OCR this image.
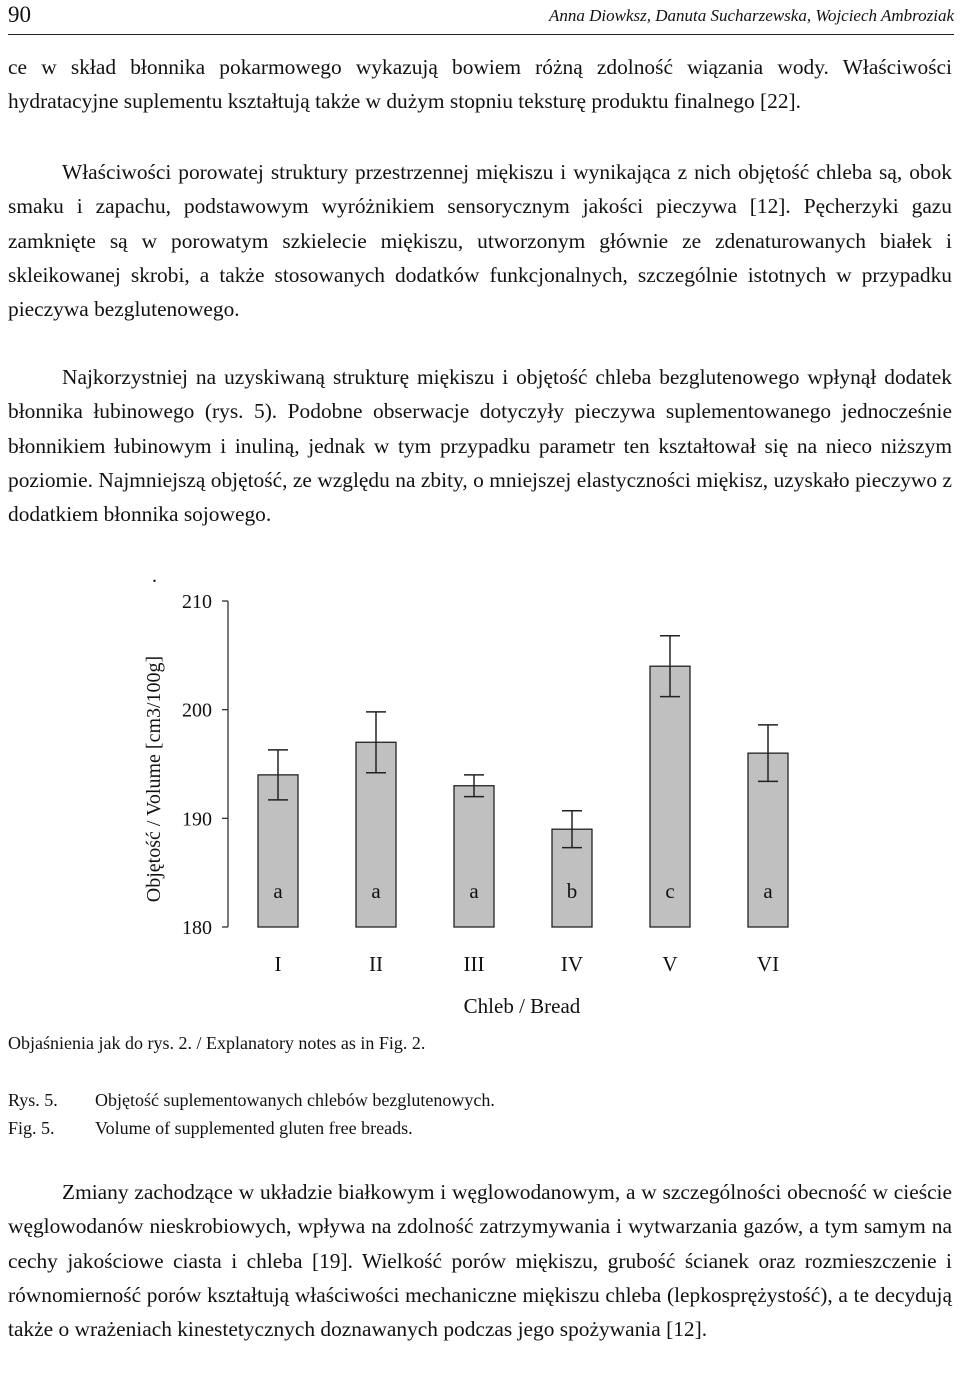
90	Anna Diowksz, Danuta Sucharzewska, Wojciech Ambroziak

ce w skład błonnika pokarmowego wykazują bowiem różną zdolność wiązania wody. Właściwości hydratacyjne suplementu kształtują także w dużym stopniu teksturę produktu finalnego [22].

Właściwości porowatej struktury przestrzennej miękiszu i wynikająca z nich objętość chleba są, obok smaku i zapachu, podstawowym wyróżnikiem sensorycznym jakości pieczywa [12]. Pęcherzyki gazu zamknięte są w porowatym szkielecie miękiszu, utworzonym głównie ze zdenaturowanych białek i skleikowanej skrobi, a także stosowanych dodatków funkcjonalnych, szczególnie istotnych w przypadku pieczywa bezglutenowego.

Najkorzystniej na uzyskiwaną strukturę miękiszu i objętość chleba bezglutenowego wpłynął dodatek błonnika łubinowego (rys. 5). Podobne obserwacje dotyczyły pieczywa suplementowanego jednocześnie błonnikiem łubinowym i inuliną, jednak w tym przypadku parametr ten kształtował się na nieco niższym poziomie. Najmniejszą objętość, ze względu na zbity, o mniejszej elastyczności miękisz, uzyskało pieczywo z dodatkiem błonnika sojowego.

180
190
200
210
.
Objętość / Volume [cm3/100g]	a
I
a
II
a
III
b
IV
c
V
a
VI
Chleb / Bread
Objaśnienia jak do rys. 2. / Explanatory notes as in Fig. 2.
Rys. 5. Objętość suplementowanych chlebów bezglutenowych.
Fig. 5. Volume of supplemented gluten free breads.

Zmiany zachodzące w układzie białkowym i węglowodanowym, a w szczególności obecność w cieście węglowodanów nieskrobiowych, wpływa na zdolność zatrzymywania i wytwarzania gazów, a tym samym na cechy jakościowe ciasta i chleba [19]. Wielkość porów miękiszu, grubość ścianek oraz rozmieszczenie i równomierność porów kształtują właściwości mechaniczne miękiszu chleba (lepkosprężystość), a te decydują także o wrażeniach kinestetycznych doznawanych podczas jego spożywania [12].
